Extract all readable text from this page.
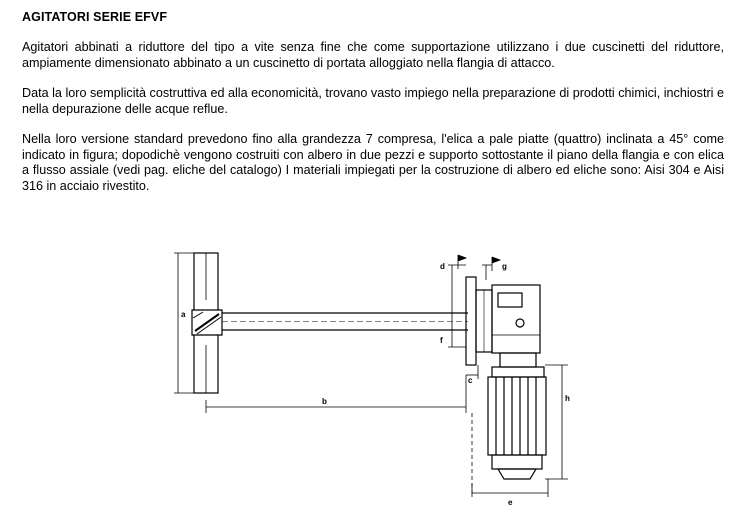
AGITATORI SERIE EFVF

Agitatori abbinati a riduttore del tipo a vite senza fine che come supportazione utilizzano i due cuscinetti del riduttore, ampiamente dimensionato abbinato a un cuscinetto di portata alloggiato nella flangia di attacco.

Data la loro semplicità costruttiva ed alla economicità, trovano vasto impiego nella preparazione di prodotti chimici, inchiostri e nella depurazione delle acque reflue.

Nella loro versione standard prevedono fino alla grandezza 7 compresa, l'elica a pale piatte (quattro) inclinata a 45° come indicato in figura; dopodichè vengono costruiti con albero in due pezzi e supporto sottostante il piano della flangia e con elica a flusso assiale (vedi pag. eliche del catalogo) I materiali impiegati per la costruzione di albero ed eliche sono: Aisi 304 e Aisi 316 in acciaio rivestito.

a
b
c
h
e
d
f
g
